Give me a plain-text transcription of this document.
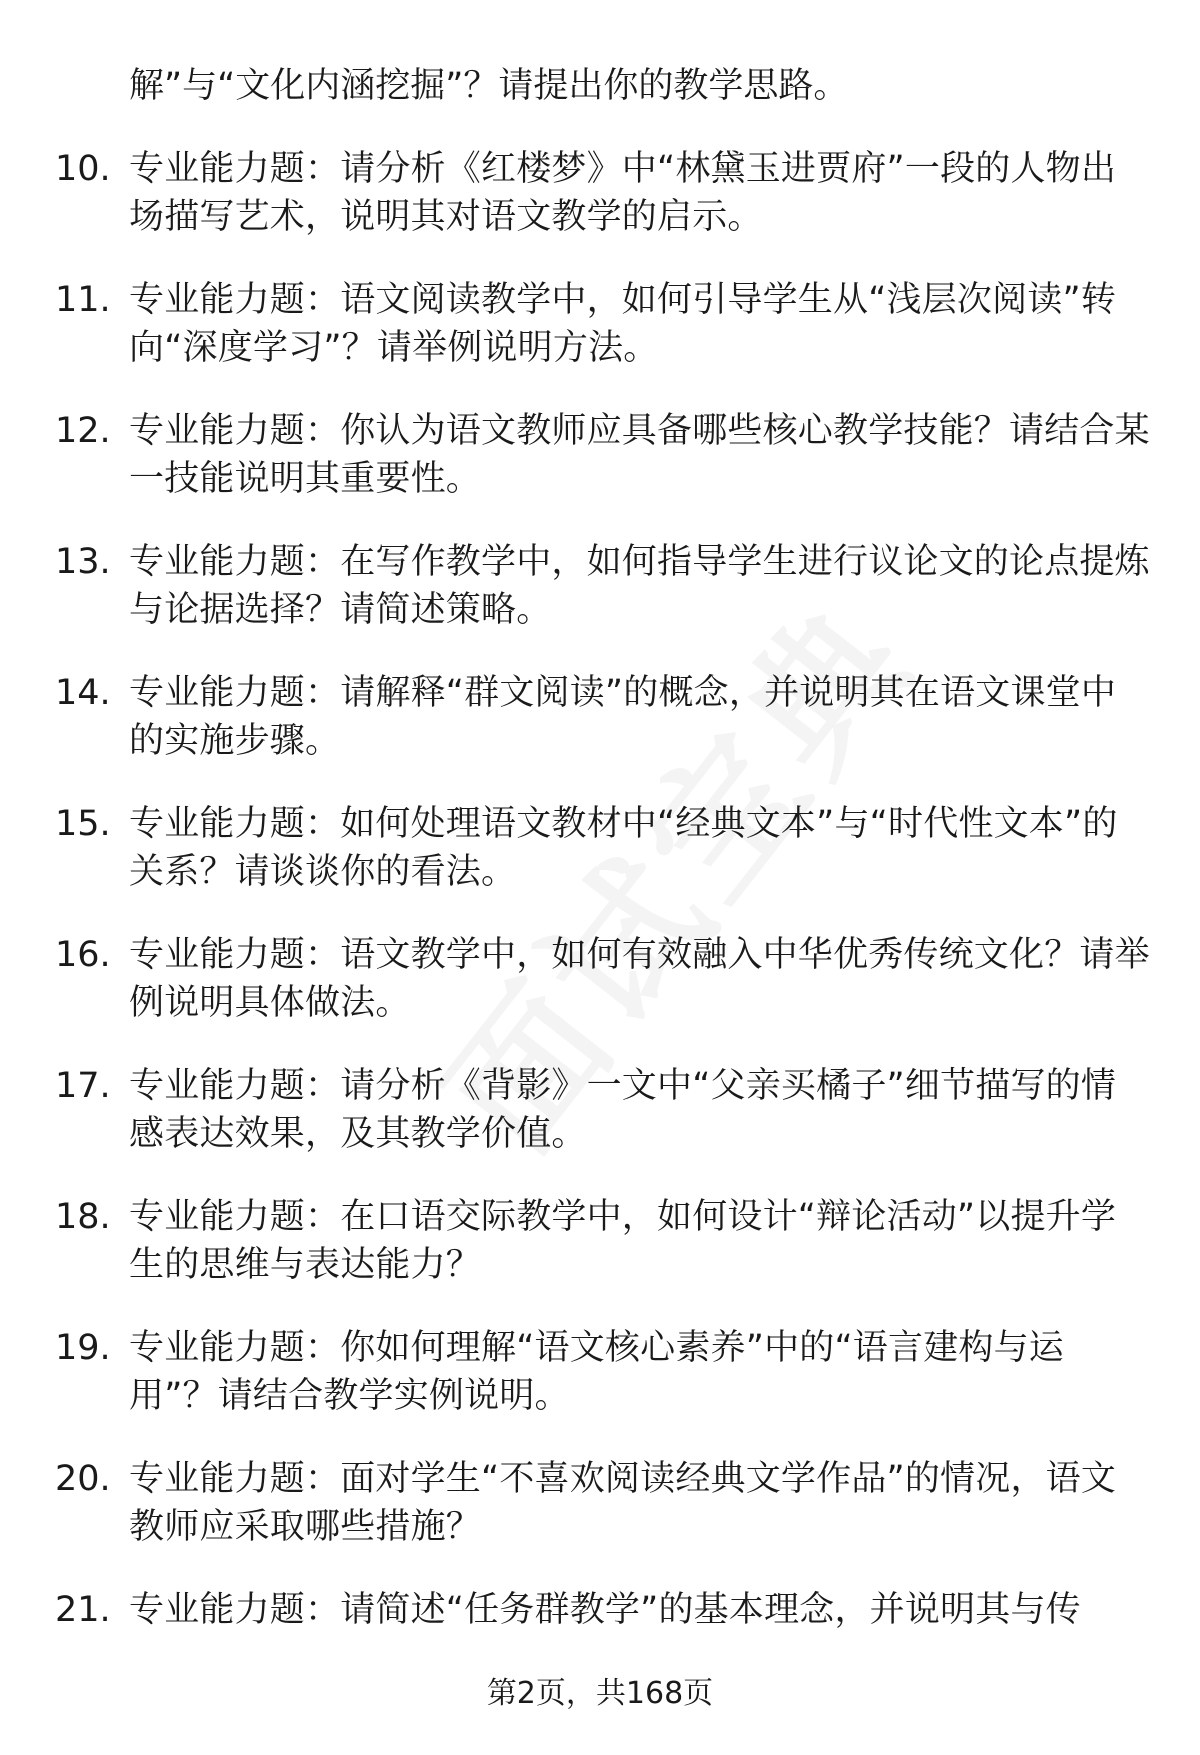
解”与“文化内涵挖掘”？请提出你的教学思路。
10. 专业能力题：请分析《红楼梦》中“林黛玉进贾府”一段的人物出场描写艺术，说明其对语文教学的启示。
11. 专业能力题：语文阅读教学中，如何引导学生从“浅层次阅读”转向“深度学习”？请举例说明方法。
12. 专业能力题：你认为语文教师应具备哪些核心教学技能？请结合某一技能说明其重要性。
13. 专业能力题：在写作教学中，如何指导学生进行议论文的论点提炼与论据选择？请简述策略。
14. 专业能力题：请解释“群文阅读”的概念，并说明其在语文课堂中的实施步骤。
15. 专业能力题：如何处理语文教材中“经典文本”与“时代性文本”的关系？请谈谈你的看法。
16. 专业能力题：语文教学中，如何有效融入中华优秀传统文化？请举例说明具体做法。
17. 专业能力题：请分析《背影》一文中“父亲买橘子”细节描写的情感表达效果，及其教学价值。
18. 专业能力题：在口语交际教学中，如何设计“辩论活动”以提升学生的思维与表达能力？
19. 专业能力题：你如何理解“语文核心素养”中的“语言建构与运用”？请结合教学实例说明。
20. 专业能力题：面对学生“不喜欢阅读经典文学作品”的情况，语文教师应采取哪些措施？
21. 专业能力题：请简述“任务群教学”的基本理念，并说明其与传
第2页，共168页
